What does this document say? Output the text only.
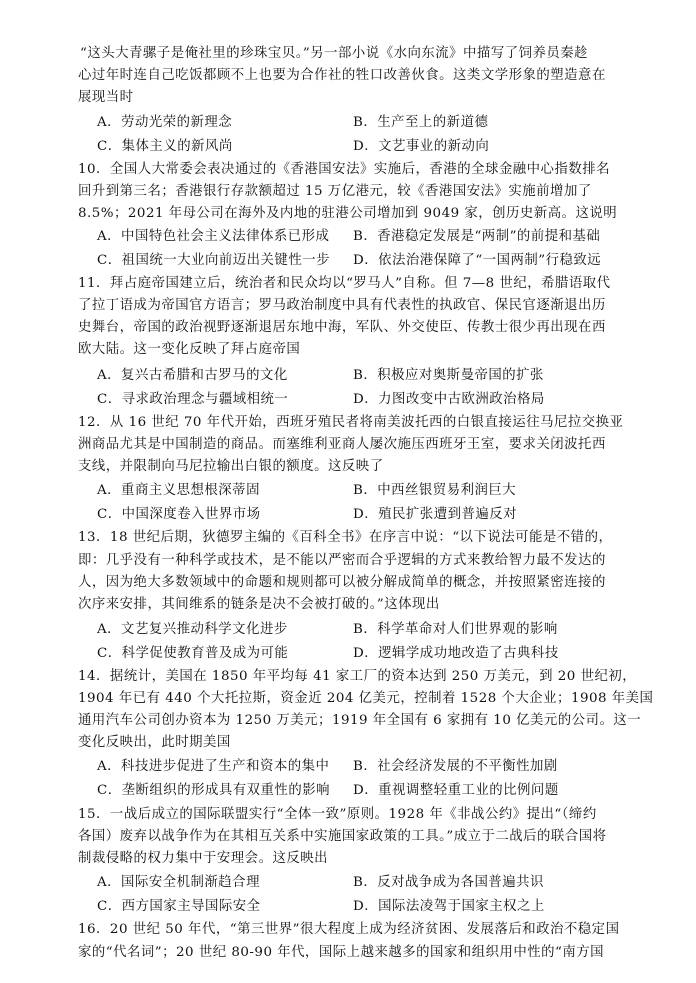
“这头大青骡子是俺社里的珍珠宝贝。”另一部小说《水向东流》中描写了饲养员秦趁
心过年时连自己吃饭都顾不上也要为合作社的牲口改善伙食。这类文学形象的塑造意在
展现当时
A．劳动光荣的新理念	B．生产至上的新道德
C．集体主义的新风尚	D．文艺事业的新动向
10．全国人大常委会表决通过的《香港国安法》实施后，香港的全球金融中心指数排名
回升到第三名；香港银行存款额超过 15 万亿港元，较《香港国安法》实施前增加了
8.5%；2021 年母公司在海外及内地的驻港公司增加到 9049 家，创历史新高。这说明
A．中国特色社会主义法律体系已形成 B．香港稳定发展是“两制”的前提和基础
C．祖国统一大业向前迈出关键性一步 D．依法治港保障了“一国两制”行稳致远
11．拜占庭帝国建立后，统治者和民众均以“罗马人”自称。但 7—8 世纪，希腊语取代
了拉丁语成为帝国官方语言；罗马政治制度中具有代表性的执政官、保民官逐渐退出历
史舞台，帝国的政治视野逐渐退居东地中海，军队、外交使臣、传教士很少再出现在西
欧大陆。这一变化反映了拜占庭帝国
A．复兴古希腊和古罗马的文化	B．积极应对奥斯曼帝国的扩张
C．寻求政治理念与疆域相统一	D．力图改变中古欧洲政治格局
12．从 16 世纪 70 年代开始，西班牙殖民者将南美波托西的白银直接运往马尼拉交换亚
洲商品尤其是中国制造的商品。而塞维利亚商人屡次施压西班牙王室，要求关闭波托西
支线，并限制向马尼拉输出白银的额度。这反映了
A．重商主义思想根深蒂固	B．中西丝银贸易利润巨大
C．中国深度卷入世界市场	D．殖民扩张遭到普遍反对
13．18 世纪后期，狄德罗主编的《百科全书》在序言中说：“以下说法可能是不错的，
即：几乎没有一种科学或技术，是不能以严密而合乎逻辑的方式来教给智力最不发达的
人，因为绝大多数领域中的命题和规则都可以被分解成简单的概念，并按照紧密连接的
次序来安排，其间维系的链条是决不会被打破的。”这体现出
A．文艺复兴推动科学文化进步	B．科学革命对人们世界观的影响
C．科学促使教育普及成为可能	D．逻辑学成功地改造了古典科技
14．据统计，美国在 1850 年平均每 41 家工厂的资本达到 250 万美元，到 20 世纪初，
1904 年已有 440 个大托拉斯，资金近 204 亿美元，控制着 1528 个大企业；1908 年美国
通用汽车公司创办资本为 1250 万美元；1919 年全国有 6 家拥有 10 亿美元的公司。这一
变化反映出，此时期美国
A．科技进步促进了生产和资本的集中 B．社会经济发展的不平衡性加剧
C．垄断组织的形成具有双重性的影响 D．重视调整轻重工业的比例问题
15．一战后成立的国际联盟实行“全体一致”原则。1928 年《非战公约》提出“（缔约
各国）废弃以战争作为在其相互关系中实施国家政策的工具。”成立于二战后的联合国将
制裁侵略的权力集中于安理会。这反映出
A．国际安全机制渐趋合理	B．反对战争成为各国普遍共识
C．西方国家主导国际安全	D．国际法凌驾于国家主权之上
16．20 世纪 50 年代，“第三世界”很大程度上成为经济贫困、发展落后和政治不稳定国
家的“代名词”；20 世纪 80-90 年代，国际上越来越多的国家和组织用中性的“南方国
